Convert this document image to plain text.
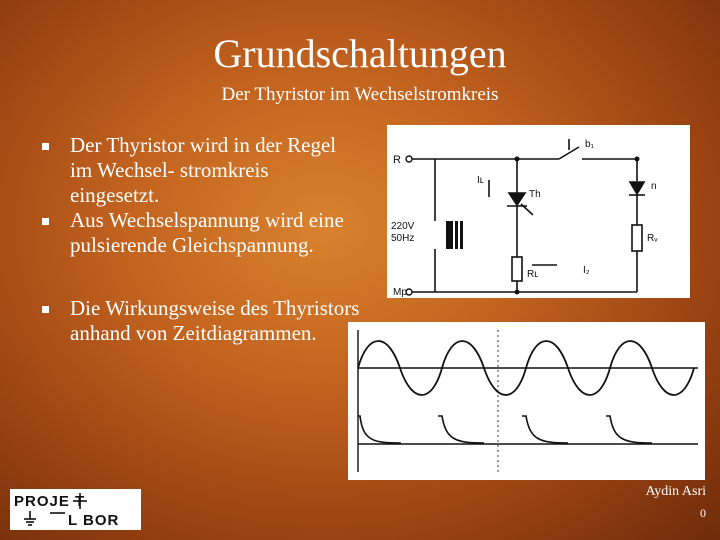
Grundschaltungen
Der Thyristor im Wechselstromkreis
Der Thyristor wird in der Regel im Wechsel- stromkreis eingesetzt.
Aus Wechselspannung wird eine pulsierende Gleichspannung.
Die Wirkungsweise des Thyristors anhand von Zeitdiagrammen.
R
220V
50Hz
Mp
b₁
Iʟ
Th
n
Rᵥ
Rʟ	I₂
PROJE T
L BOR
Aydin Asri
0
